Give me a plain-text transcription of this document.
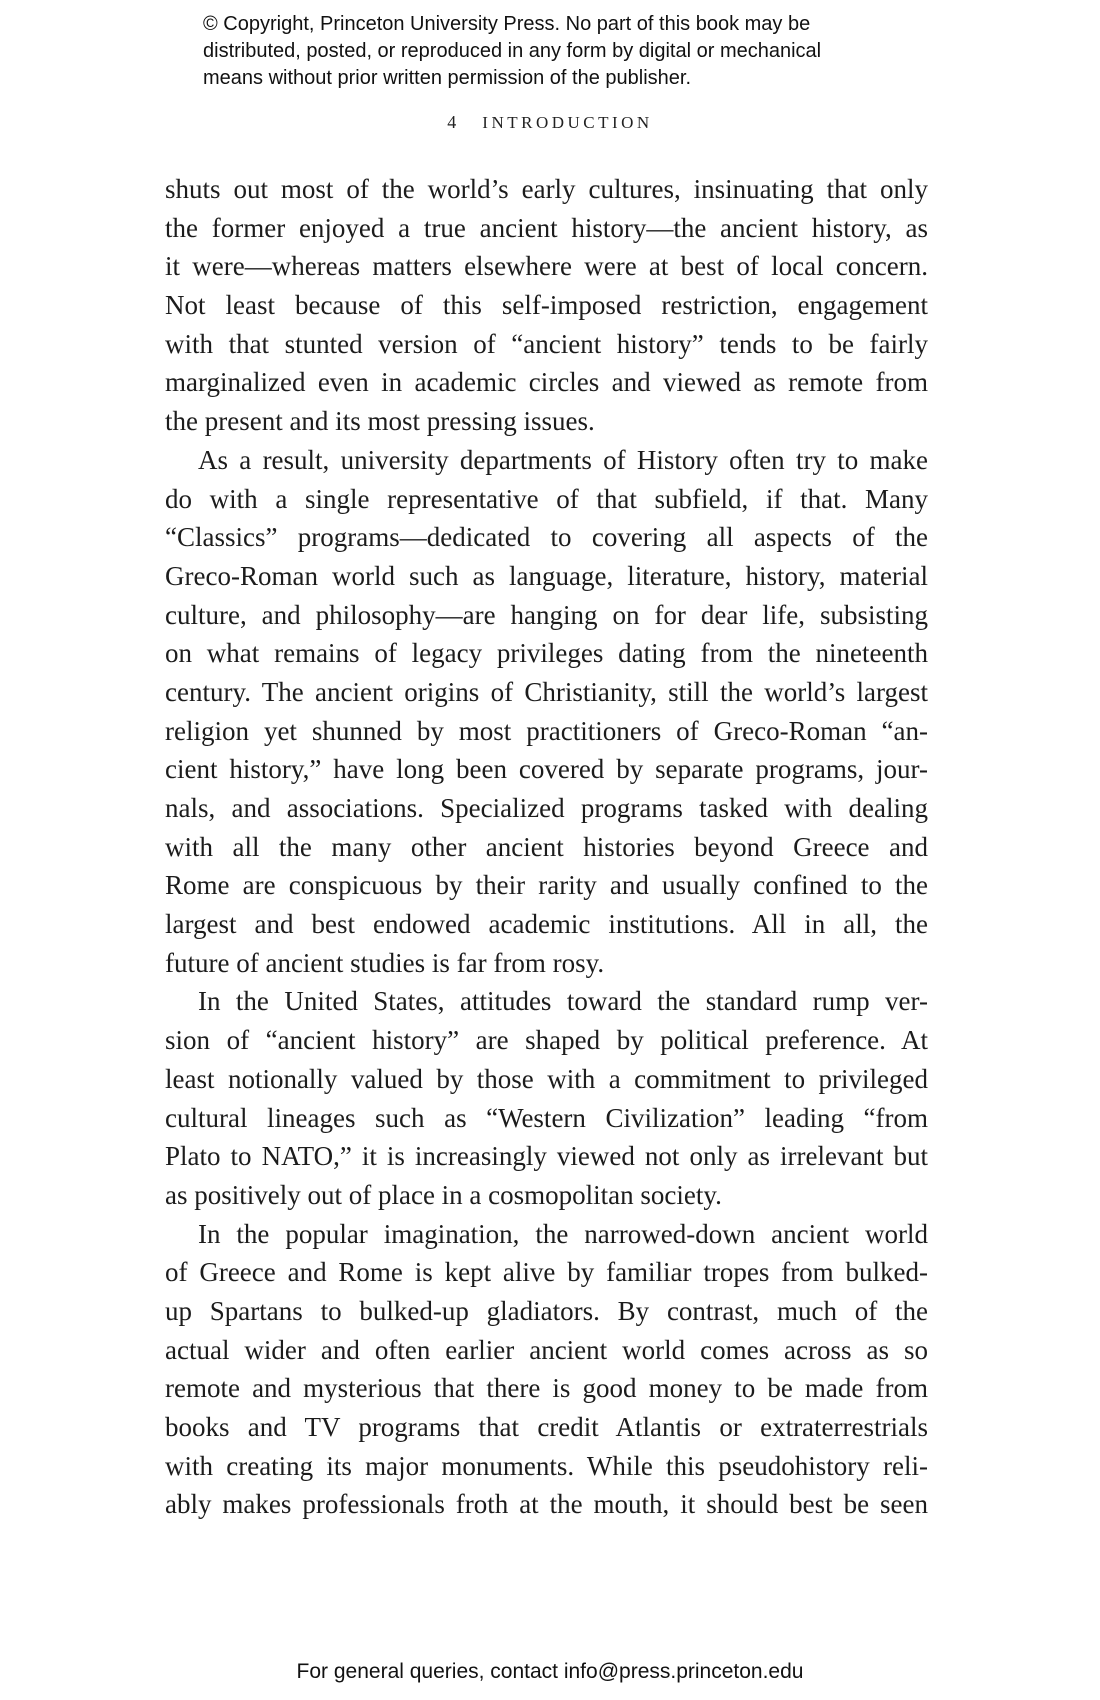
© Copyright, Princeton University Press. No part of this book may be
distributed, posted, or reproduced in any form by digital or mechanical
means without prior written permission of the publisher.
4 INTRODUCTION
shuts out most of the world’s early cultures, insinuating that only
the former enjoyed a true ancient history—the ancient history, as
it were—whereas matters elsewhere were at best of local concern.
Not least because of this self-imposed restriction, engagement
with that stunted version of “ancient history” tends to be fairly
marginalized even in academic circles and viewed as remote from
the present and its most pressing issues.
As a result, university departments of History often try to make
do with a single representative of that subfield, if that. Many
“Classics” programs—dedicated to covering all aspects of the
Greco-Roman world such as language, literature, history, material
culture, and philosophy—are hanging on for dear life, subsisting
on what remains of legacy privileges dating from the nineteenth
century. The ancient origins of Christianity, still the world’s largest
religion yet shunned by most practitioners of Greco-Roman “an-
cient history,” have long been covered by separate programs, jour-
nals, and associations. Specialized programs tasked with dealing
with all the many other ancient histories beyond Greece and
Rome are conspicuous by their rarity and usually confined to the
largest and best endowed academic institutions. All in all, the
future of ancient studies is far from rosy.
In the United States, attitudes toward the standard rump ver-
sion of “ancient history” are shaped by political preference. At
least notionally valued by those with a commitment to privileged
cultural lineages such as “Western Civilization” leading “from
Plato to NATO,” it is increasingly viewed not only as irrelevant but
as positively out of place in a cosmopolitan society.
In the popular imagination, the narrowed-down ancient world
of Greece and Rome is kept alive by familiar tropes from bulked-
up Spartans to bulked-up gladiators. By contrast, much of the
actual wider and often earlier ancient world comes across as so
remote and mysterious that there is good money to be made from
books and TV programs that credit Atlantis or extraterrestrials
with creating its major monuments. While this pseudohistory reli-
ably makes professionals froth at the mouth, it should best be seen
For general queries, contact info@press.princeton.edu
